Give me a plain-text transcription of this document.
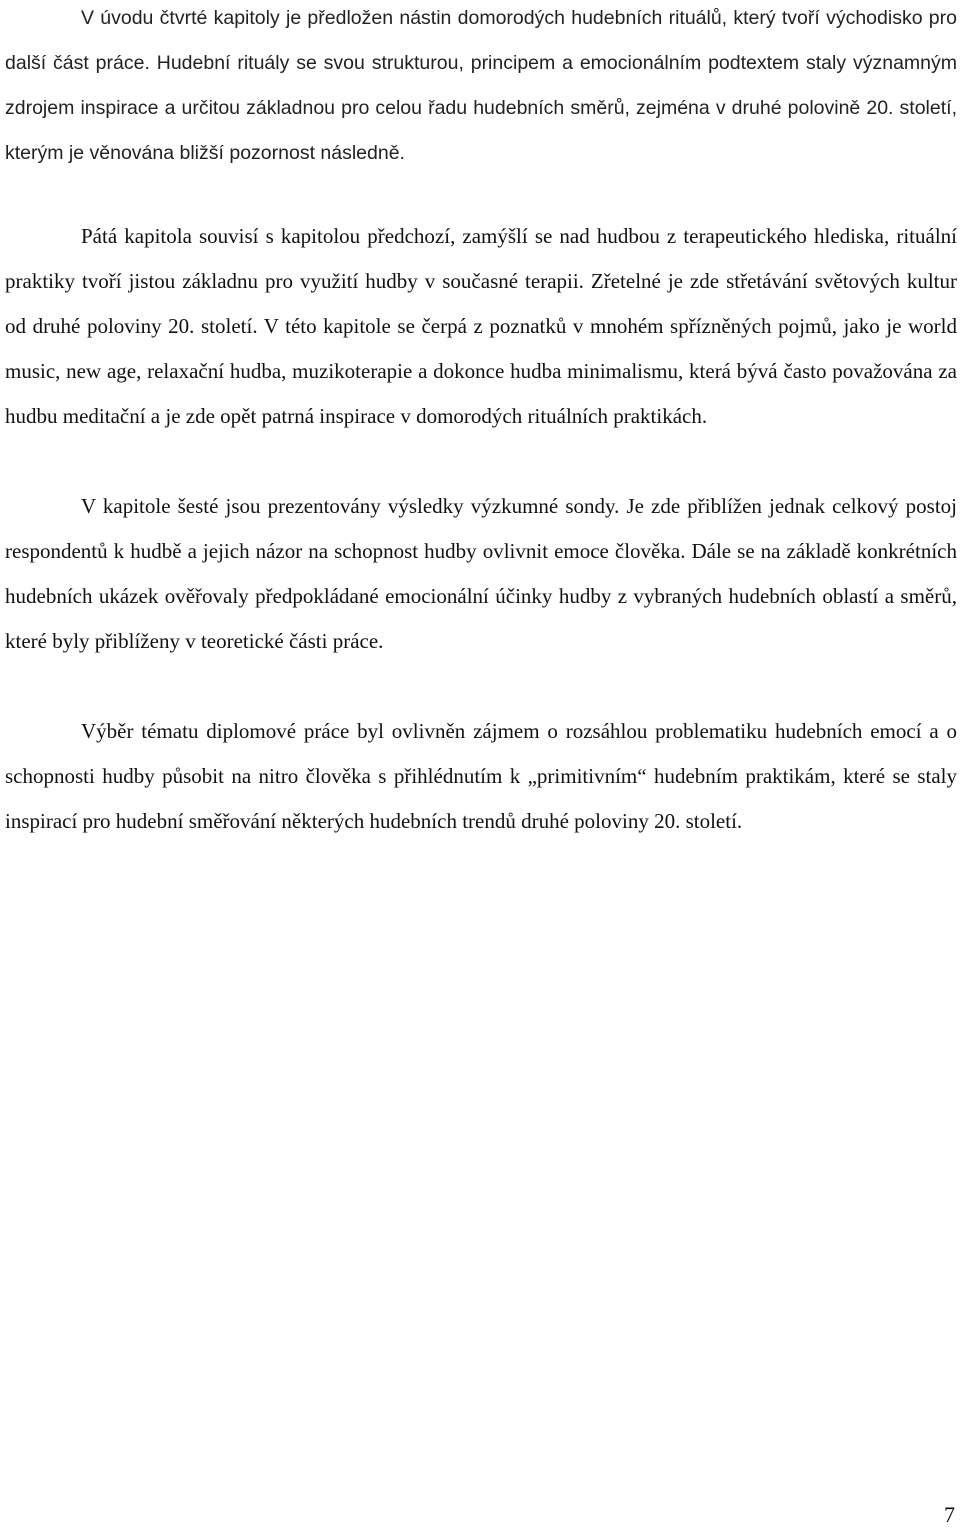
V úvodu čtvrté kapitoly je předložen nástin domorodých hudebních rituálů, který tvoří východisko pro další část práce. Hudební rituály se svou strukturou, principem a emocionálním podtextem staly významným zdrojem inspirace a určitou základnou pro celou řadu hudebních směrů, zejména v druhé polovině 20. století, kterým je věnována bližší pozornost následně.

Pátá kapitola souvisí s kapitolou předchozí, zamýšlí se nad hudbou z terapeutického hlediska, rituální praktiky tvoří jistou základnu pro využití hudby v současné terapii. Zřetelné je zde střetávání světových kultur od druhé poloviny 20. století. V této kapitole se čerpá z poznatků v mnohém spřízněných pojmů, jako je world music, new age, relaxační hudba, muzikoterapie a dokonce hudba minimalismu, která bývá často považována za hudbu meditační a je zde opět patrná inspirace v domorodých rituálních praktikách.

V kapitole šesté jsou prezentovány výsledky výzkumné sondy. Je zde přiblížen jednak celkový postoj respondentů k hudbě a jejich názor na schopnost hudby ovlivnit emoce člověka. Dále se na základě konkrétních hudebních ukázek ověřovaly předpokládané emocionální účinky hudby z vybraných hudebních oblastí a směrů, které byly přiblíženy v teoretické části práce.

Výběr tématu diplomové práce byl ovlivněn zájmem o rozsáhlou problematiku hudebních emocí a o schopnosti hudby působit na nitro člověka s přihlédnutím k „primitivním“ hudebním praktikám, které se staly inspirací pro hudební směřování některých hudebních trendů druhé poloviny 20. století.

7
